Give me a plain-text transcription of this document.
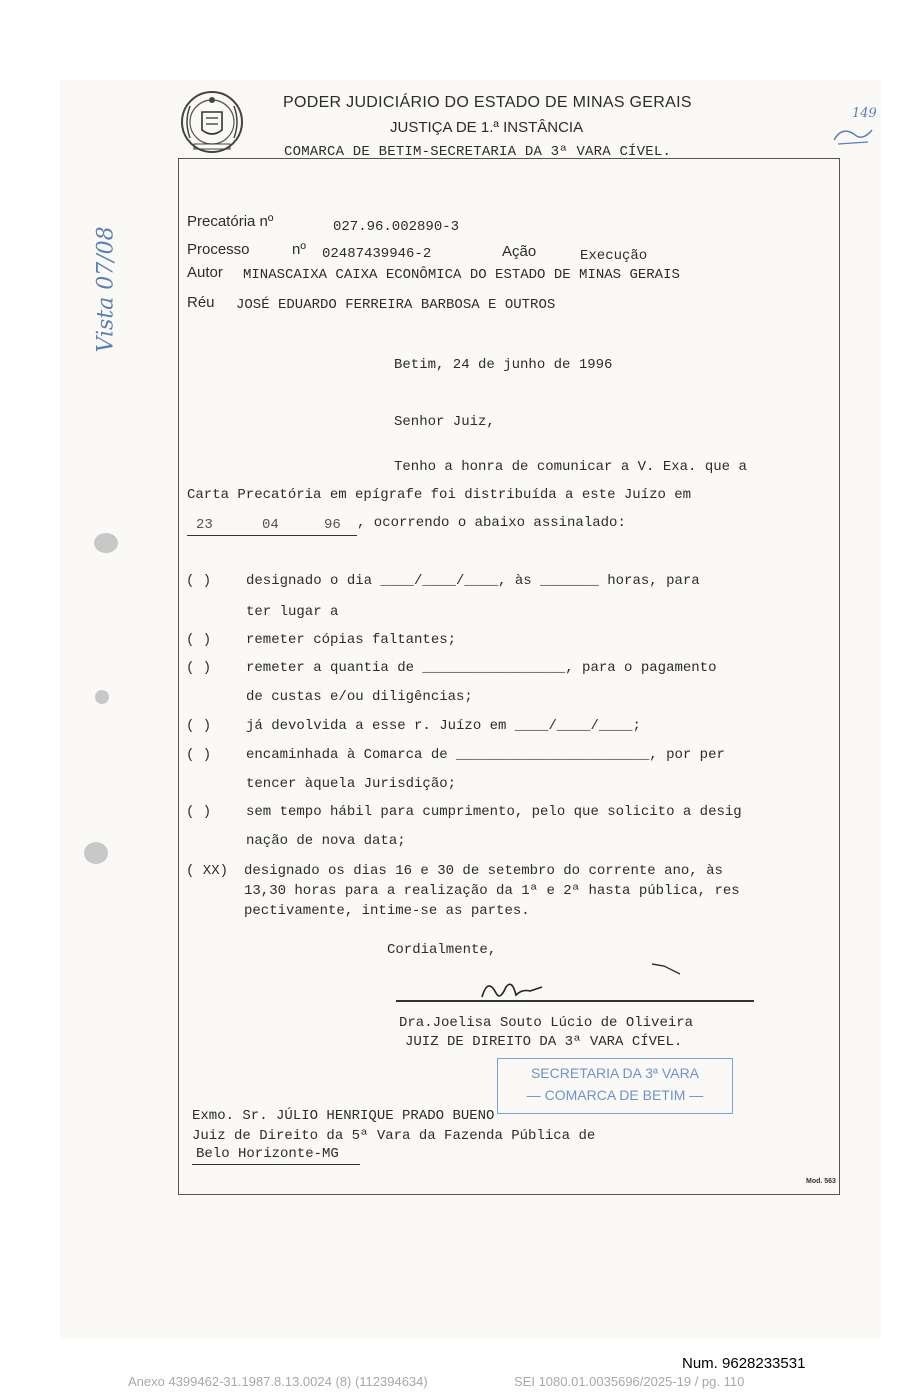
PODER JUDICIÁRIO DO ESTADO DE MINAS GERAIS
JUSTIÇA DE 1.ª INSTÂNCIA
COMARCA DE BETIM-SECRETARIA DA 3ª VARA CÍVEL.
149
Vista 07/08
Precatória nº	027.96.002890-3
Processo	nº 02487439946-2	Ação	Execução
Autor MINASCAIXA CAIXA ECONÔMICA DO ESTADO DE MINAS GERAIS
Réu JOSÉ EDUARDO FERREIRA BARBOSA E OUTROS
Betim, 24 de junho de 1996
Senhor Juiz,
Tenho a honra de comunicar a V. Exa. que a
Carta Precatória em epígrafe foi distribuída a este Juízo em
23	04	96 , ocorrendo o abaixo assinalado:
( ) designado o dia ____/____/____, às _______ horas, para
ter lugar a
( ) remeter cópias faltantes;
( ) remeter a quantia de _________________, para o pagamento
de custas e/ou diligências;
( ) já devolvida a esse r. Juízo em ____/____/____;
( ) encaminhada à Comarca de _______________________, por per
tencer àquela Jurisdição;
( ) sem tempo hábil para cumprimento, pelo que solicito a desig
nação de nova data;
( XX) designado os dias 16 e 30 de setembro do corrente ano, às
13,30 horas para a realização da 1ª e 2ª hasta pública, res
pectivamente, intime-se as partes.
Cordialmente,
Dra.Joelisa Souto Lúcio de Oliveira
JUIZ DE DIREITO DA 3ª VARA CÍVEL.
SECRETARIA DA 3ª VARA
— COMARCA DE BETIM —
Exmo. Sr. JÚLIO HENRIQUE PRADO BUENO
Juiz de Direito da 5ª Vara da Fazenda Pública de
Belo Horizonte-MG
Mod. 563
Num. 9628233531
Anexo 4399462-31.1987.8.13.0024 (8) (112394634)	SEI 1080.01.0035696/2025-19 / pg. 110
